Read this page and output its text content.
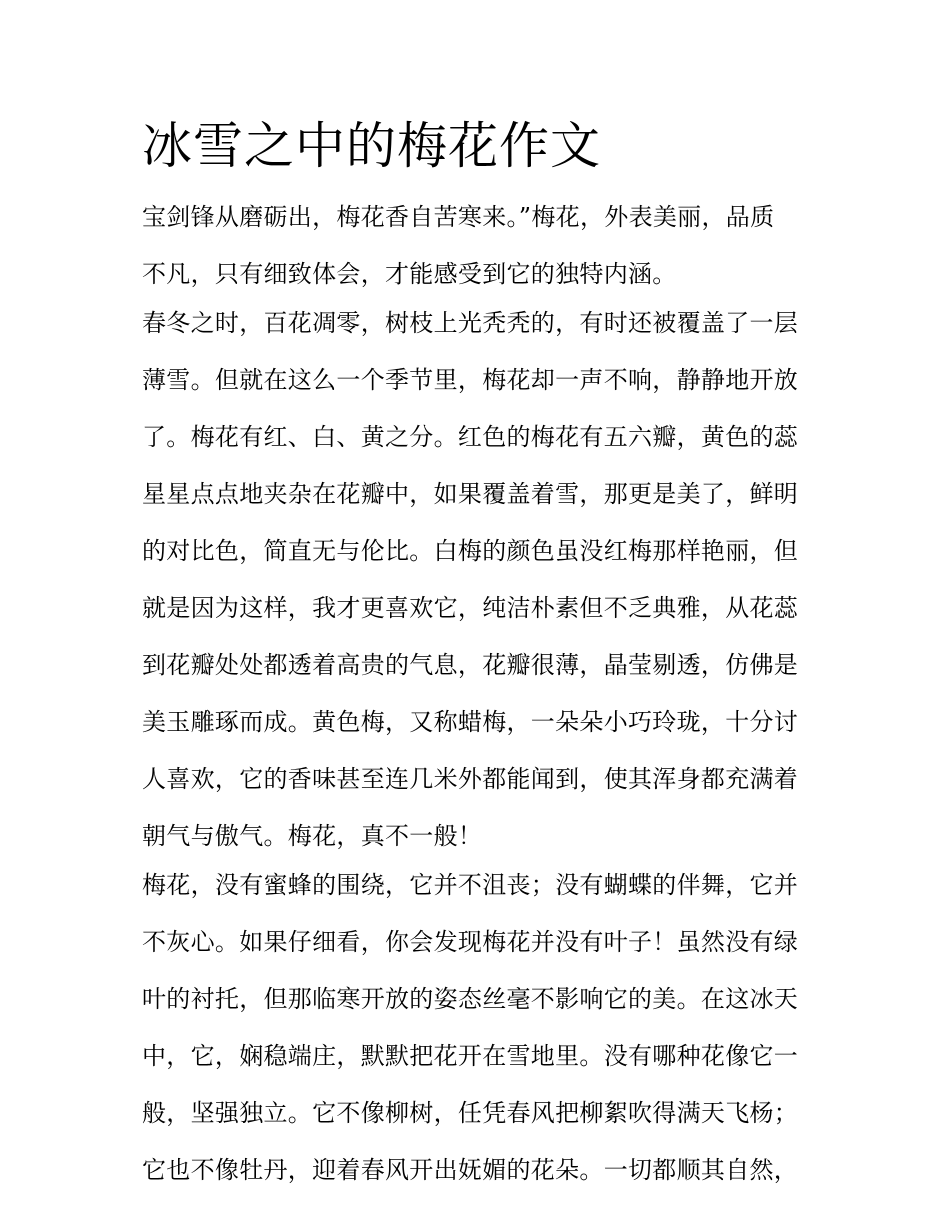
冰雪之中的梅花作文
宝剑锋从磨砺出，梅花香自苦寒来。”梅花，外表美丽，品质
不凡，只有细致体会，才能感受到它的独特内涵。
春冬之时，百花凋零，树枝上光秃秃的，有时还被覆盖了一层
薄雪。但就在这么一个季节里，梅花却一声不响，静静地开放
了。梅花有红、白、黄之分。红色的梅花有五六瓣，黄色的蕊
星星点点地夹杂在花瓣中，如果覆盖着雪，那更是美了，鲜明
的对比色，简直无与伦比。白梅的颜色虽没红梅那样艳丽，但
就是因为这样，我才更喜欢它，纯洁朴素但不乏典雅，从花蕊
到花瓣处处都透着高贵的气息，花瓣很薄，晶莹剔透，仿佛是
美玉雕琢而成。黄色梅，又称蜡梅，一朵朵小巧玲珑，十分讨
人喜欢，它的香味甚至连几米外都能闻到，使其浑身都充满着
朝气与傲气。梅花，真不一般！
梅花，没有蜜蜂的围绕，它并不沮丧；没有蝴蝶的伴舞，它并
不灰心。如果仔细看，你会发现梅花并没有叶子！虽然没有绿
叶的衬托，但那临寒开放的姿态丝毫不影响它的美。在这冰天
中，它，娴稳端庄，默默把花开在雪地里。没有哪种花像它一
般，坚强独立。它不像柳树，任凭春风把柳絮吹得满天飞杨；
它也不像牡丹，迎着春风开出妩媚的花朵。一切都顺其自然，
